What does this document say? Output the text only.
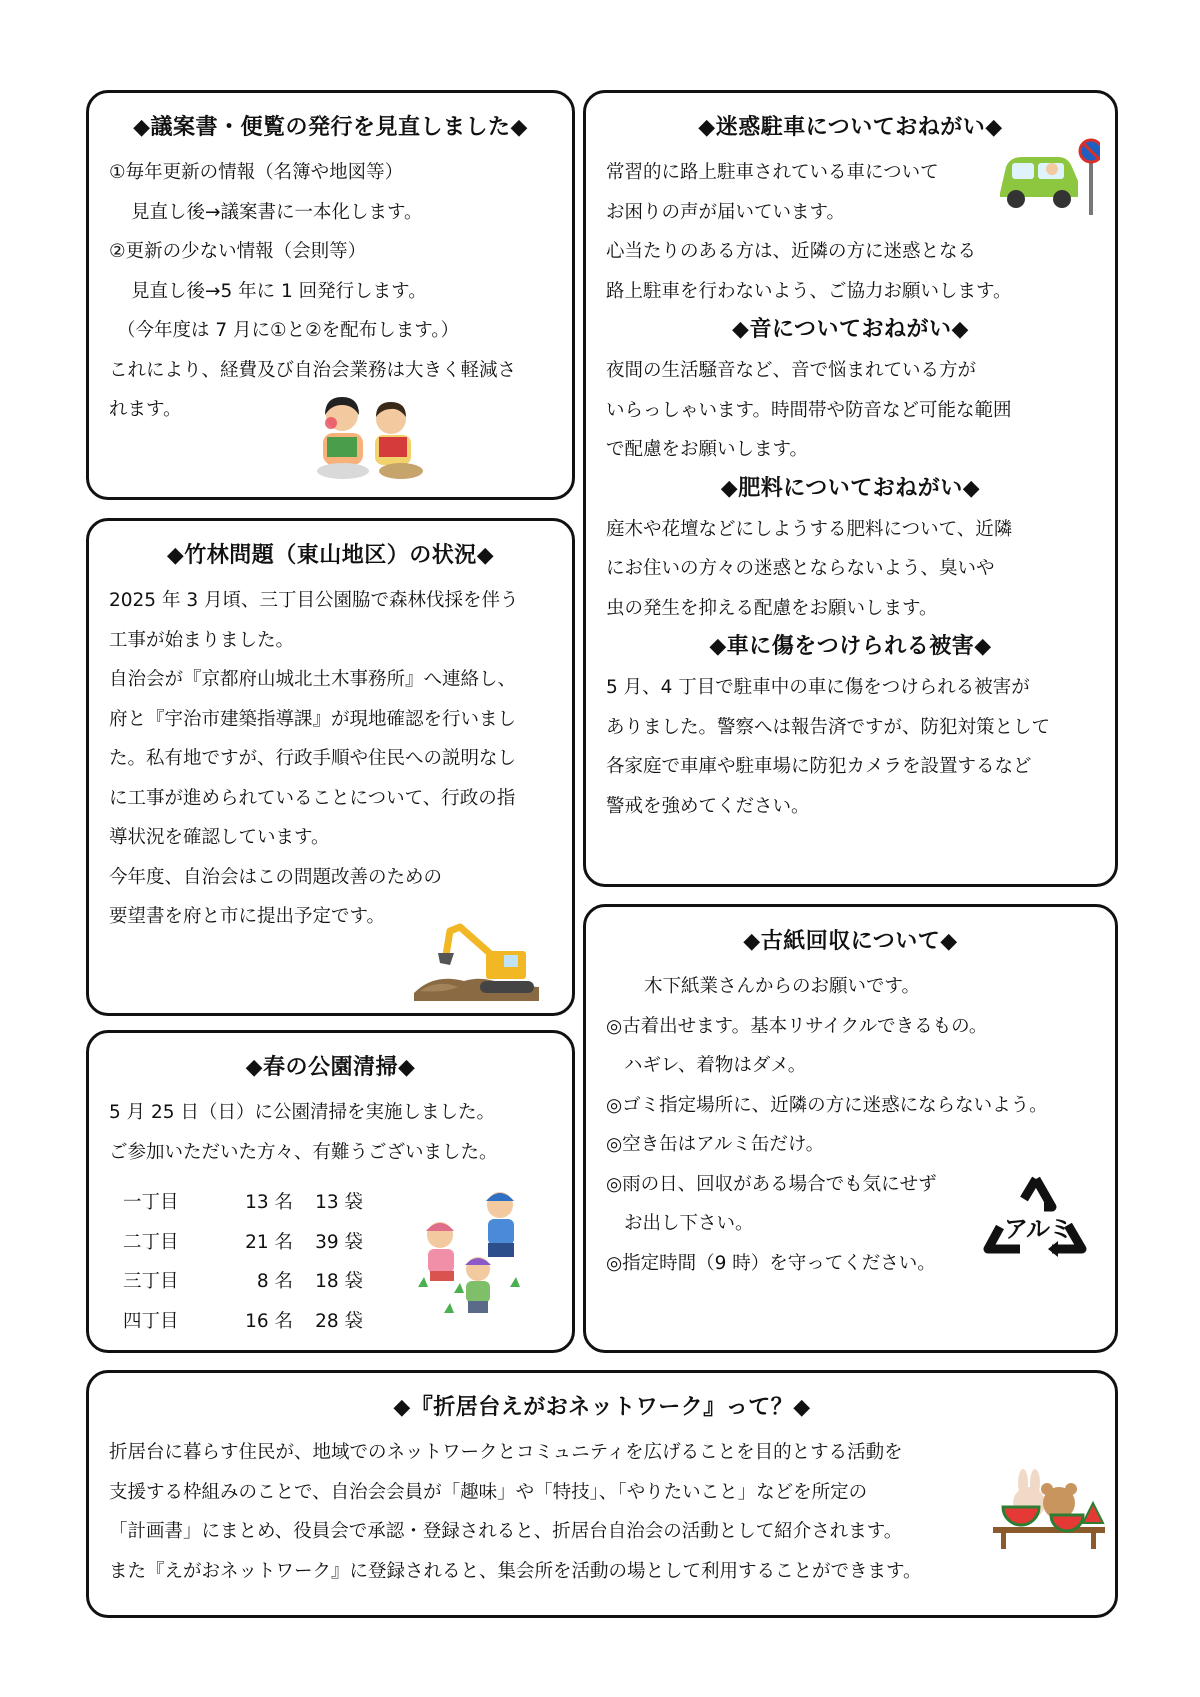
◆議案書・便覧の発行を見直しました◆
①毎年更新の情報（名簿や地図等）
見直し後→議案書に一本化します。
②更新の少ない情報（会則等）
見直し後→5 年に 1 回発行します。
（今年度は 7 月に①と②を配布します。）
これにより、経費及び自治会業務は大きく軽減さ
れます。
◆竹林問題（東山地区）の状況◆
2025 年 3 月頃、三丁目公園脇で森林伐採を伴う
工事が始まりました。
自治会が『京都府山城北土木事務所』へ連絡し、
府と『宇治市建築指導課』が現地確認を行いまし
た。私有地ですが、行政手順や住民への説明なし
に工事が進められていることについて、行政の指
導状況を確認しています。
今年度、自治会はこの問題改善のための
要望書を府と市に提出予定です。
◆春の公園清掃◆
5 月 25 日（日）に公園清掃を実施しました。
ご参加いただいた方々、有難うございました。
一丁目	13 名	13 袋
二丁目	21 名	39 袋
三丁目	8 名	18 袋
四丁目	16 名	28 袋
◆迷惑駐車についておねがい◆
常習的に路上駐車されている車について
お困りの声が届いています。
心当たりのある方は、近隣の方に迷惑となる
路上駐車を行わないよう、ご協力お願いします。
◆音についておねがい◆
夜間の生活騒音など、音で悩まれている方が
いらっしゃいます。時間帯や防音など可能な範囲
で配慮をお願いします。
◆肥料についておねがい◆
庭木や花壇などにしようする肥料について、近隣
にお住いの方々の迷惑とならないよう、臭いや
虫の発生を抑える配慮をお願いします。
◆車に傷をつけられる被害◆
5 月、4 丁目で駐車中の車に傷をつけられる被害が
ありました。警察へは報告済ですが、防犯対策として
各家庭で車庫や駐車場に防犯カメラを設置するなど
警戒を強めてください。
◆古紙回収について◆
木下紙業さんからのお願いです。
◎古着出せます。基本リサイクルできるもの。
ハギレ、着物はダメ。
◎ゴミ指定場所に、近隣の方に迷惑にならないよう。
◎空き缶はアルミ缶だけ。
◎雨の日、回収がある場合でも気にせず
お出し下さい。
◎指定時間（9 時）を守ってください。
アルミ
◆『折居台えがおネットワーク』って？◆
折居台に暮らす住民が、地域でのネットワークとコミュニティを広げることを目的とする活動を
支援する枠組みのことで、自治会会員が「趣味」や「特技」、「やりたいこと」などを所定の
「計画書」にまとめ、役員会で承認・登録されると、折居台自治会の活動として紹介されます。
また『えがおネットワーク』に登録されると、集会所を活動の場として利用することができます。
